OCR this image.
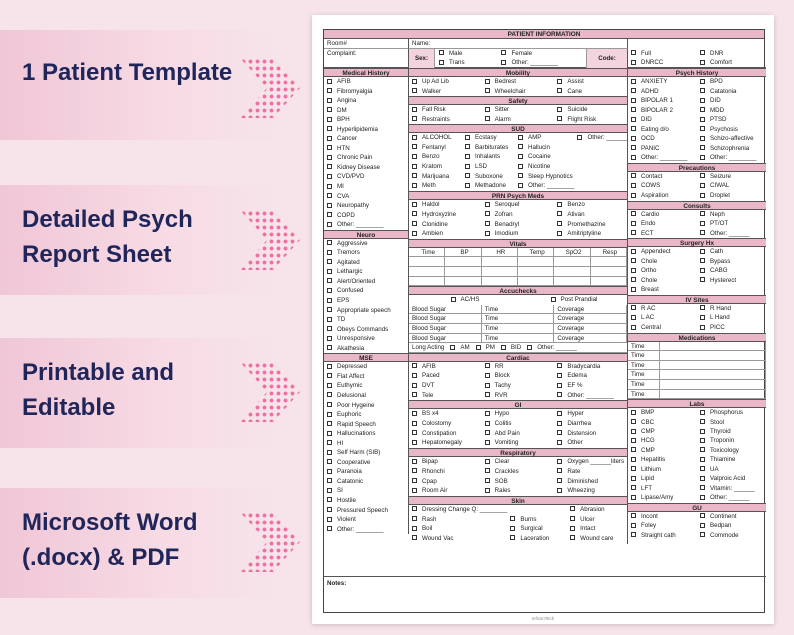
1 Patient Template
Detailed Psych Report Sheet
Printable and Editable
Microsoft Word (.docx) & PDF
PATIENT INFORMATION
Room#	Name:
Complaint:
Sex:
Male	Female
Trans	Other: ________
Code:
Full	DNR
DNRCC	Comfort
Medical History
AFIB
Fibromyalgia
Angina
DM
BPH
Hyperlipidemia
Cancer
HTN
Chronic Pain
Kidney Disease
CVD/PVD
MI
CVA
Neuropathy
COPD
Other: ________
Neuro
Aggressive
Tremors
Agitated
Lethargic
Alert/Oriented
Confused
EPS
Appropriate speech
TD
Obeys Commands
Unresponsive
Akathesia
MSE
Depressed
Flat Affect
Euthymic
Delusional
Poor Hygeine
Euphoric
Rapid Speech
Hallucinations
HI
Self Harm (SIB)
Cooperative
Paranoia
Catatonic
SI
Hostile
Pressured Speech
Violent
Other: ________
Mobility
Up Ad Lib	Bedrest	Assist
Walker	Wheelchair	Cane
Safety
Fall Risk	Sitter	Suicide
Restraints	Alarm	Flight Risk
SUD
ALCOHOL	Ecstasy	AMP	Other: ______
Fentanyl	Barbiturates	Hallucin
Benzo	Inhalants	Cocaine
Kratom	LSD	Nicotine
Marijuana	Suboxone	Sleep Hypnotics
Meth	Methadone	Other: ________
PRN Psych Meds
Haldol	Seroquel	Benzo
Hydroxyzine	Zofran	Ativan
Clonidine	Benadryl	Promethazine
Ambien	Imodium	Amitriptyline
Vitals
Time	BP	HR	Temp	SpO2	Resp
Accuchecks
AC/HS	Post Prandial
Blood Sugar	Time	Coverage
Blood Sugar	Time	Coverage
Blood Sugar	Time	Coverage
Blood Sugar	Time	Coverage
Long Acting	AM	PM	BID	Other: ______
Cardiac
AFIB	RR	Bradycardia
Paced	Block	Edema
DVT	Tachy	EF %
Tele	RVR	Other: ________
GI
BS x4	Hypo	Hyper
Colostomy	Colitis	Diarrhea
Constipation	Abd Pain	Distension
Hepatomegaly	Vomiting	Other
Respiratory
Bipap	Clear	Oxygen ______liters
Rhonchi	Crackles	Rate
Cpap	SOB	Diminished
Room Air	Rales	Wheezing
Skin
Dressing Change Q: ________	Abrasion
Rash	Burns	Ulcer
Boil	Surgical	Intact
Wound Vac	Laceration	Wound care
Psych History
ANXIETY	BPD
ADHD	Catatonia
BIPOLAR 1	DID
BIPOLAR 2	MDD
DID	PTSD
Eating d/o	Psychosis
OCD	Schizo-affective
PANIC	Schizophrenia
Other: ________	Other: ________
Precautions
Contact	Seizure
COWS	CIWAL
Aspiration	Droplet
Consults
Cardio	Neph
Endo	PT/OT
ECT	Other: ______
Surgery Hx
Appendect	Cath
Chole	Bypass
Ortho	CABG
Chole	Hysterect
Breast
IV Sites
R AC	R Hand
L AC	L Hand
Central	PICC
Medications
Time
Time
Time
Time
Time
Time
Labs
BMP	Phosphorus
CBC	Stool
CMP	Thyroid
HCG	Troponin
CMP	Toxicology
Hepatitis	Thiamine
Lithium	UA
Lipid	Valproic Acid
LFT	Vitamin: ______
Lipase/Amy	Other: ______
GU
Incont	Continent
Foley	Bedpan
Straight cath	Commode
Notes:
InfraroTech
